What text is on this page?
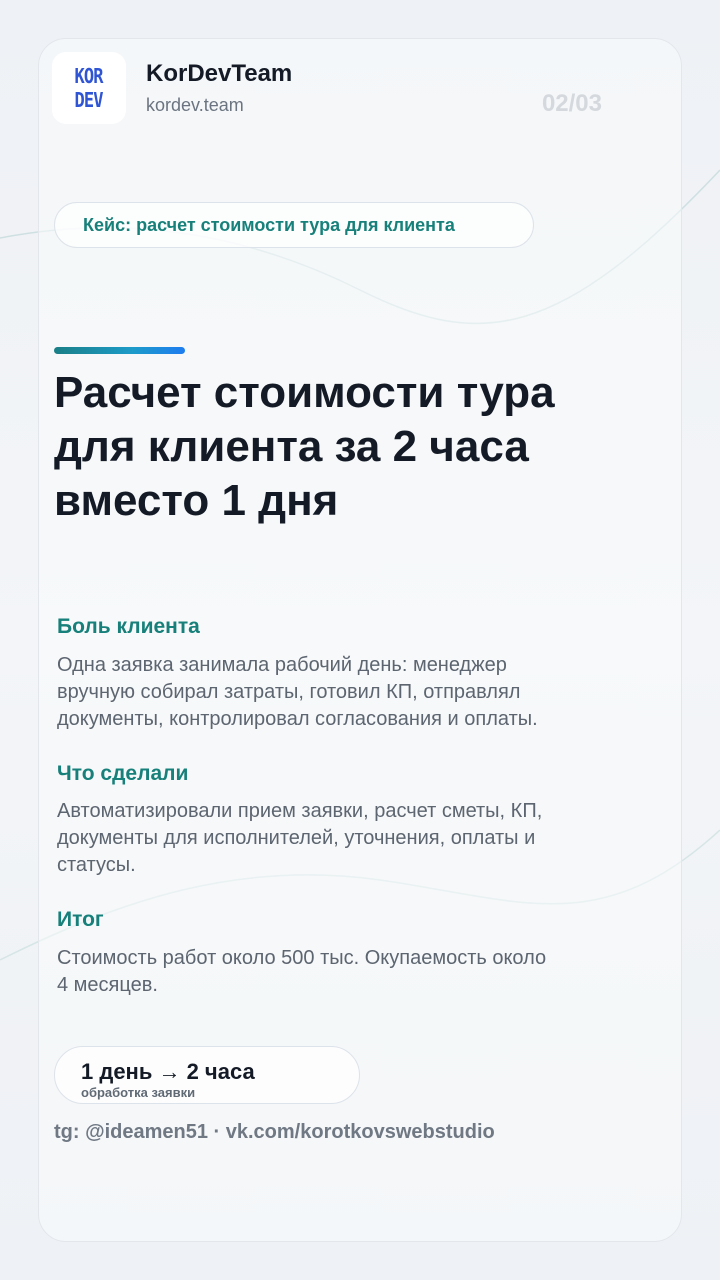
KOR
DEV
KorDevTeam
kordev.team	02/03
Кейс: расчет стоимости тура для клиента
Расчет стоимости тура
для клиента за 2 часа
вместо 1 дня
Боль клиента
Одна заявка занимала рабочий день: менеджер
вручную собирал затраты, готовил КП, отправлял
документы, контролировал согласования и оплаты.
Что сделали
Автоматизировали прием заявки, расчет сметы, КП,
документы для исполнителей, уточнения, оплаты и
статусы.
Итог
Стоимость работ около 500 тыс. Окупаемость около
4 месяцев.
1 день → 2 часа
обработка заявки
tg: @ideamen51 · vk.com/korotkovswebstudio
